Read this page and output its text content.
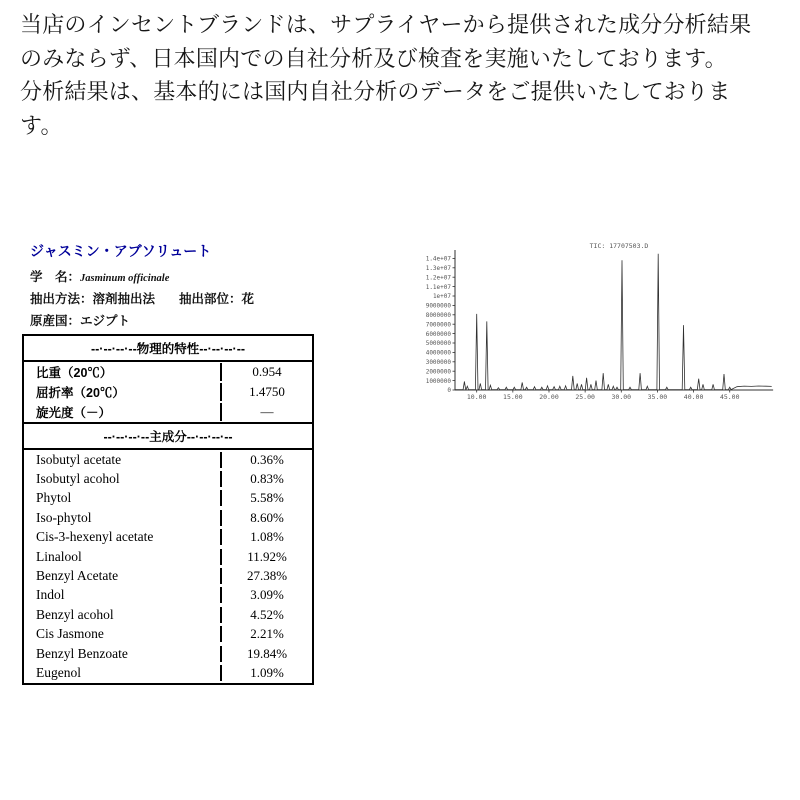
当店のインセントブランドは、サプライヤーから提供された成分分析結果のみならず、日本国内での自社分析及び検査を実施いたしております。

分析結果は、基本的には国内自社分析のデータをご提供いたしております。

ジャスミン・アブソリュート
学　名：Jasminum officinale
抽出方法：溶剤抽出法 抽出部位：花
原産国：エジプト
--·--·--·--物理的特性--·--·--·--
比重（20℃）	0.954
屈折率（20℃）	1.4750
旋光度（－）	—
--·--·--·--主成分--·--·--·--
Isobutyl acetate	0.36%
Isobutyl acohol	0.83%
Phytol	5.58%
Iso-phytol	8.60%
Cis-3-hexenyl acetate	1.08%
Linalool	11.92%
Benzyl Acetate	27.38%
Indol	3.09%
Benzyl acohol	4.52%
Cis Jasmone	2.21%
Benzyl Benzoate	19.84%
Eugenol	1.09%
TIC: 17707503.D
0
1000000
2000000
3000000
4000000
5000000
6000000
7000000
8000000
9000000
1e+07
1.1e+07
1.2e+07
1.3e+07
1.4e+07
10.00	15.00	20.00	25.00	30.00	35.00	40.00	45.00
